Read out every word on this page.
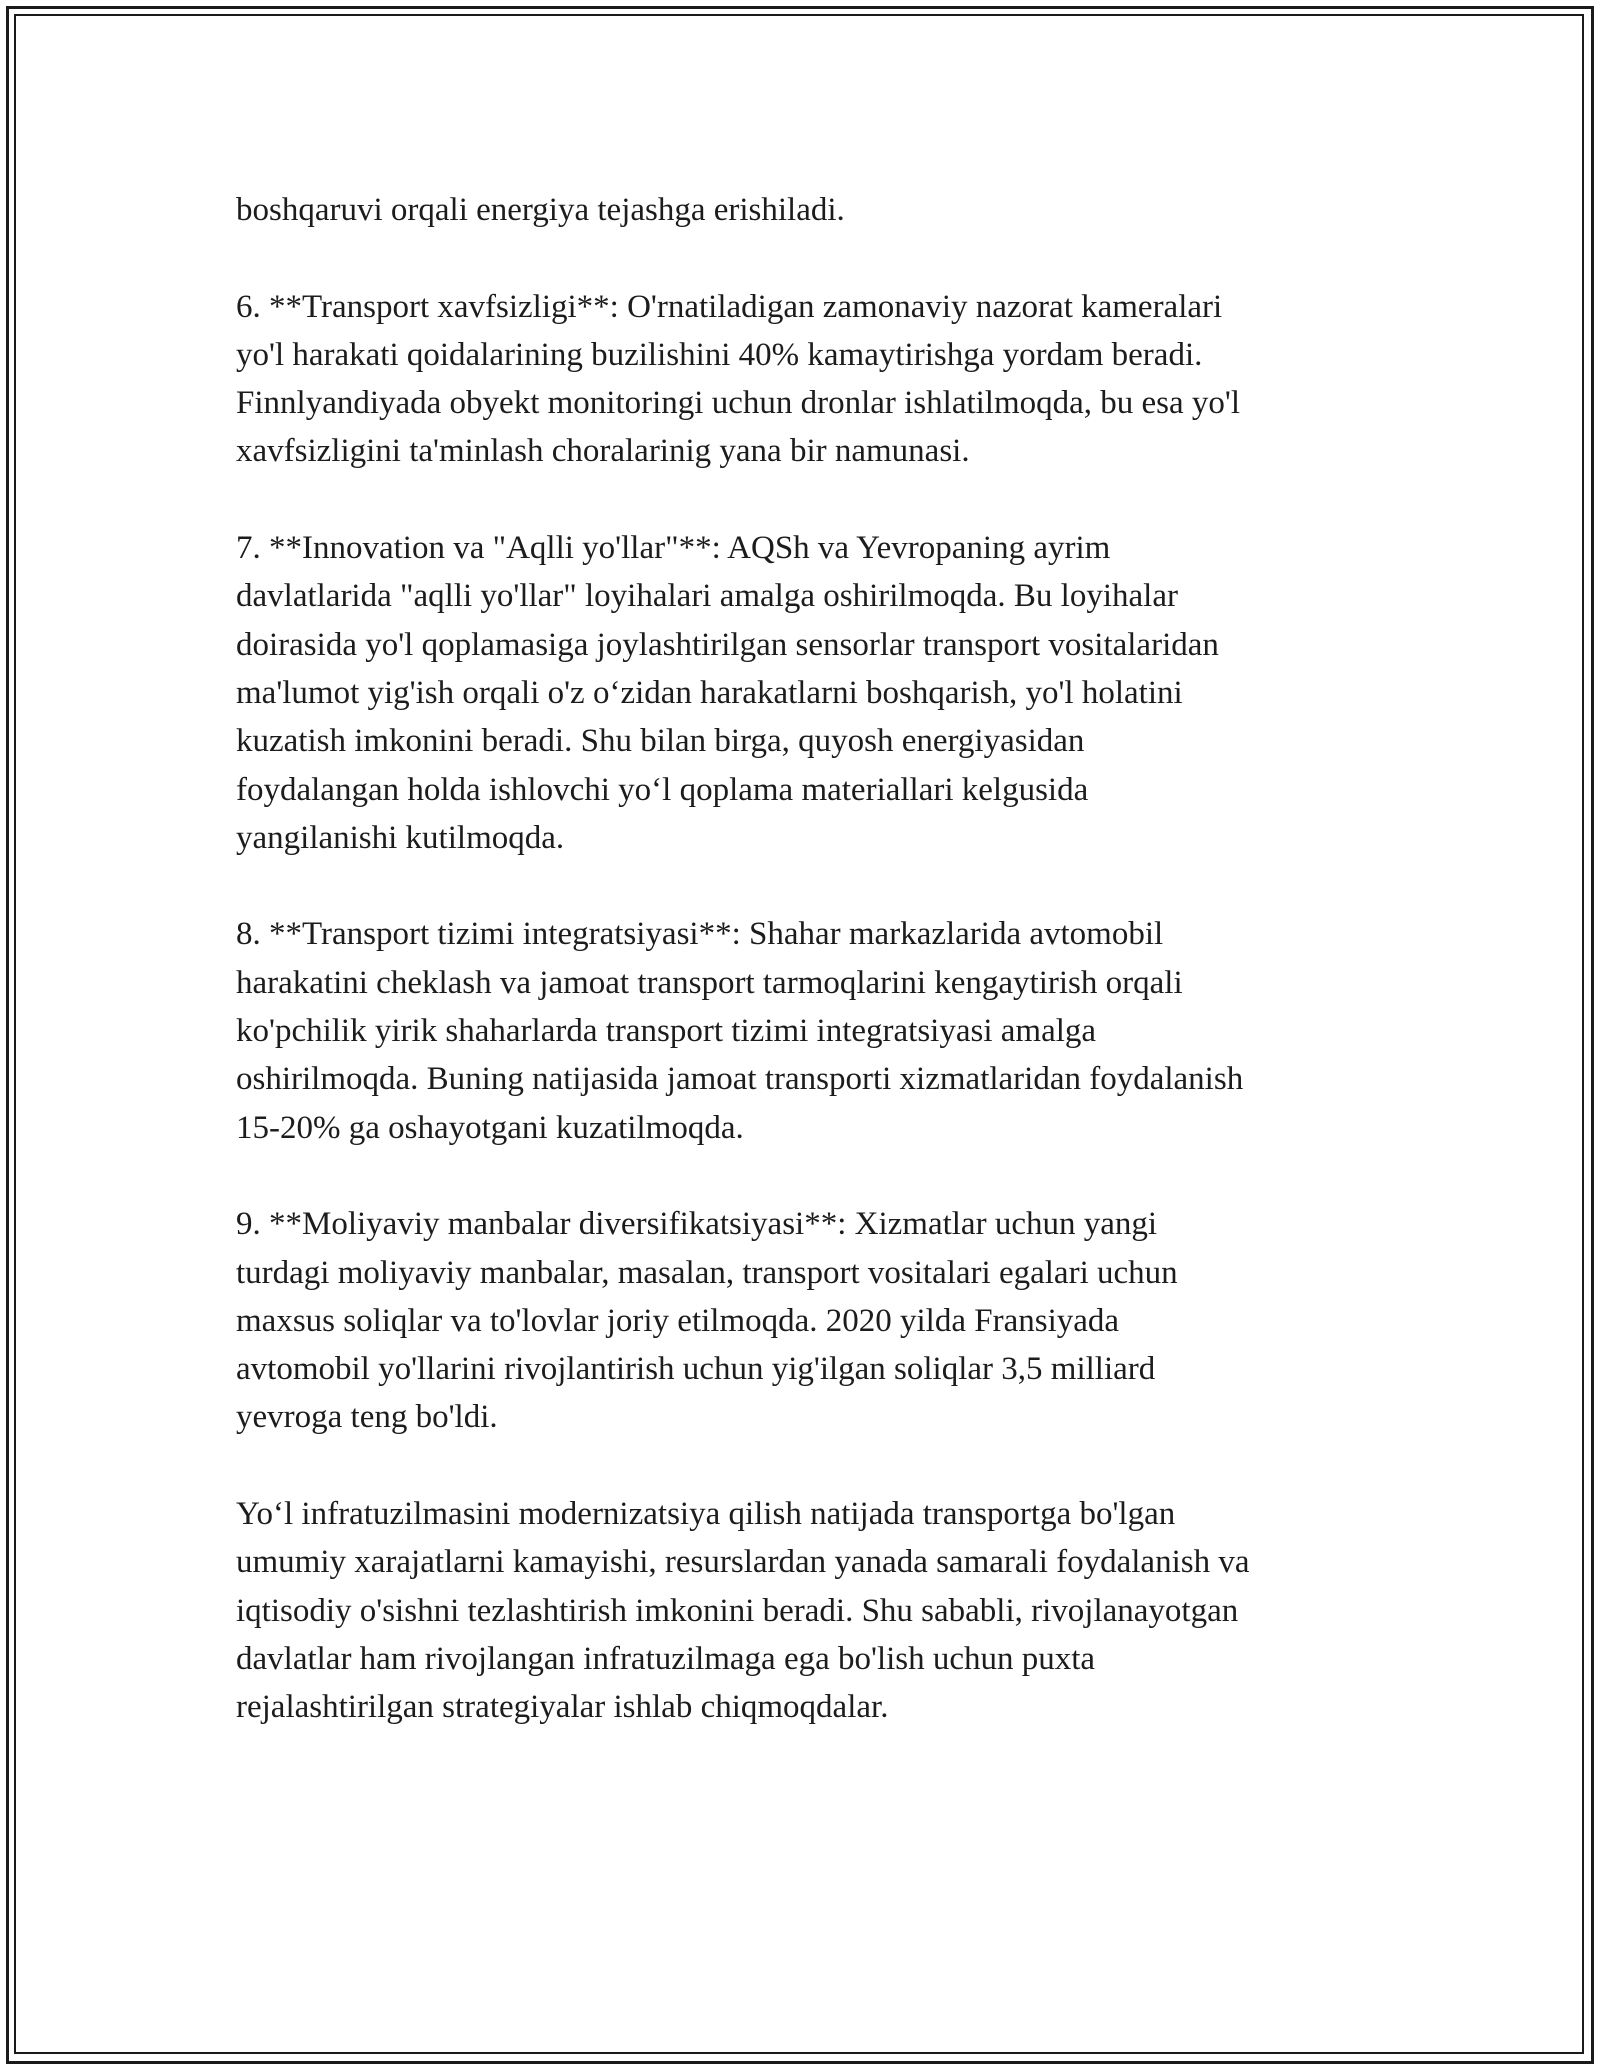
boshqaruvi orqali energiya tejashga erishiladi.

6. **Transport xavfsizligi**: O'rnatiladigan zamonaviy nazorat kameralari
yo'l harakati qoidalarining buzilishini 40% kamaytirishga yordam beradi.
Finnlyandiyada obyekt monitoringi uchun dronlar ishlatilmoqda, bu esa yo'l
xavfsizligini ta'minlash choralarinig yana bir namunasi.

7. **Innovation va "Aqlli yo'llar"**: AQSh va Yevropaning ayrim
davlatlarida "aqlli yo'llar" loyihalari amalga oshirilmoqda. Bu loyihalar
doirasida yo'l qoplamasiga joylashtirilgan sensorlar transport vositalaridan
ma'lumot yig'ish orqali o'z o‘zidan harakatlarni boshqarish, yo'l holatini
kuzatish imkonini beradi. Shu bilan birga, quyosh energiyasidan
foydalangan holda ishlovchi yo‘l qoplama materiallari kelgusida
yangilanishi kutilmoqda.

8. **Transport tizimi integratsiyasi**: Shahar markazlarida avtomobil
harakatini cheklash va jamoat transport tarmoqlarini kengaytirish orqali
ko'pchilik yirik shaharlarda transport tizimi integratsiyasi amalga
oshirilmoqda. Buning natijasida jamoat transporti xizmatlaridan foydalanish
15-20% ga oshayotgani kuzatilmoqda.

9. **Moliyaviy manbalar diversifikatsiyasi**: Xizmatlar uchun yangi
turdagi moliyaviy manbalar, masalan, transport vositalari egalari uchun
maxsus soliqlar va to'lovlar joriy etilmoqda. 2020 yilda Fransiyada
avtomobil yo'llarini rivojlantirish uchun yig'ilgan soliqlar 3,5 milliard
yevroga teng bo'ldi.

Yo‘l infratuzilmasini modernizatsiya qilish natijada transportga bo'lgan
umumiy xarajatlarni kamayishi, resurslardan yanada samarali foydalanish va
iqtisodiy o'sishni tezlashtirish imkonini beradi. Shu sababli, rivojlanayotgan
davlatlar ham rivojlangan infratuzilmaga ega bo'lish uchun puxta
rejalashtirilgan strategiyalar ishlab chiqmoqdalar.
